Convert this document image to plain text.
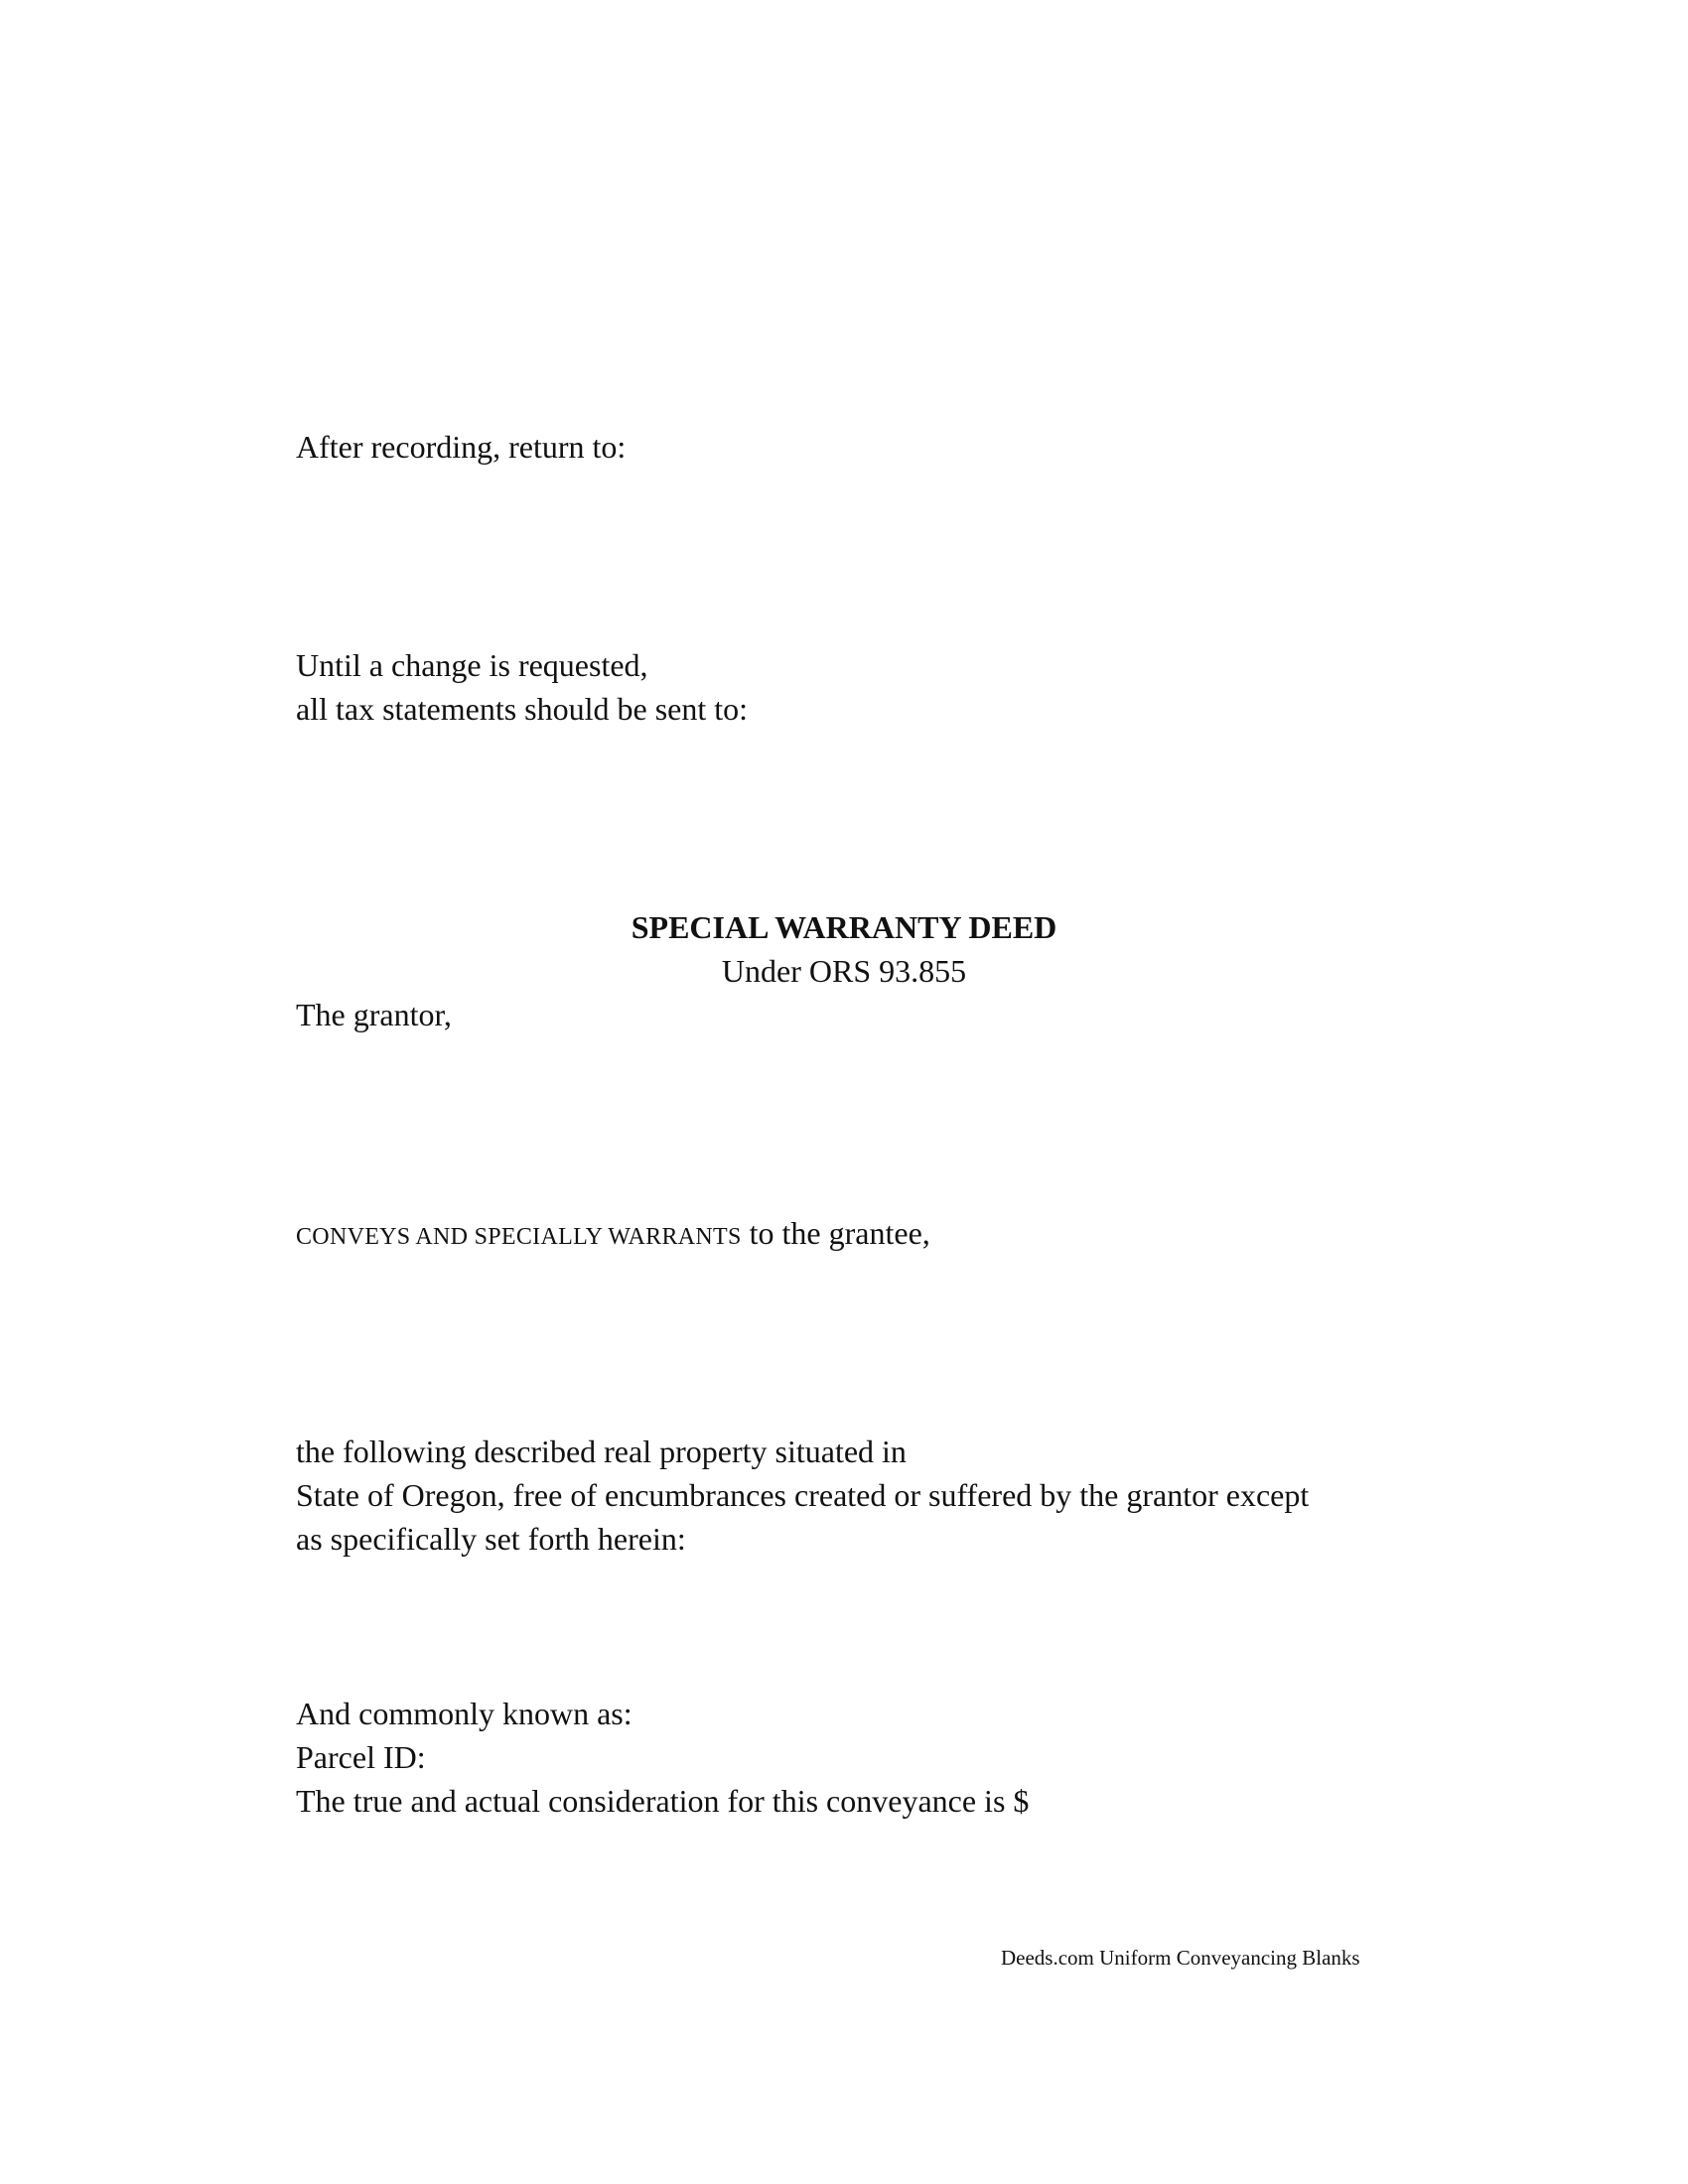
After recording, return to:
Until a change is requested,
all tax statements should be sent to:
SPECIAL WARRANTY DEED
Under ORS 93.855
The grantor,
CONVEYS AND SPECIALLY WARRANTS to the grantee,
the following described real property situated in
State of Oregon, free of encumbrances created or suffered by the grantor except
as specifically set forth herein:
And commonly known as:
Parcel ID:
The true and actual consideration for this conveyance is $
Deeds.com Uniform Conveyancing Blanks
